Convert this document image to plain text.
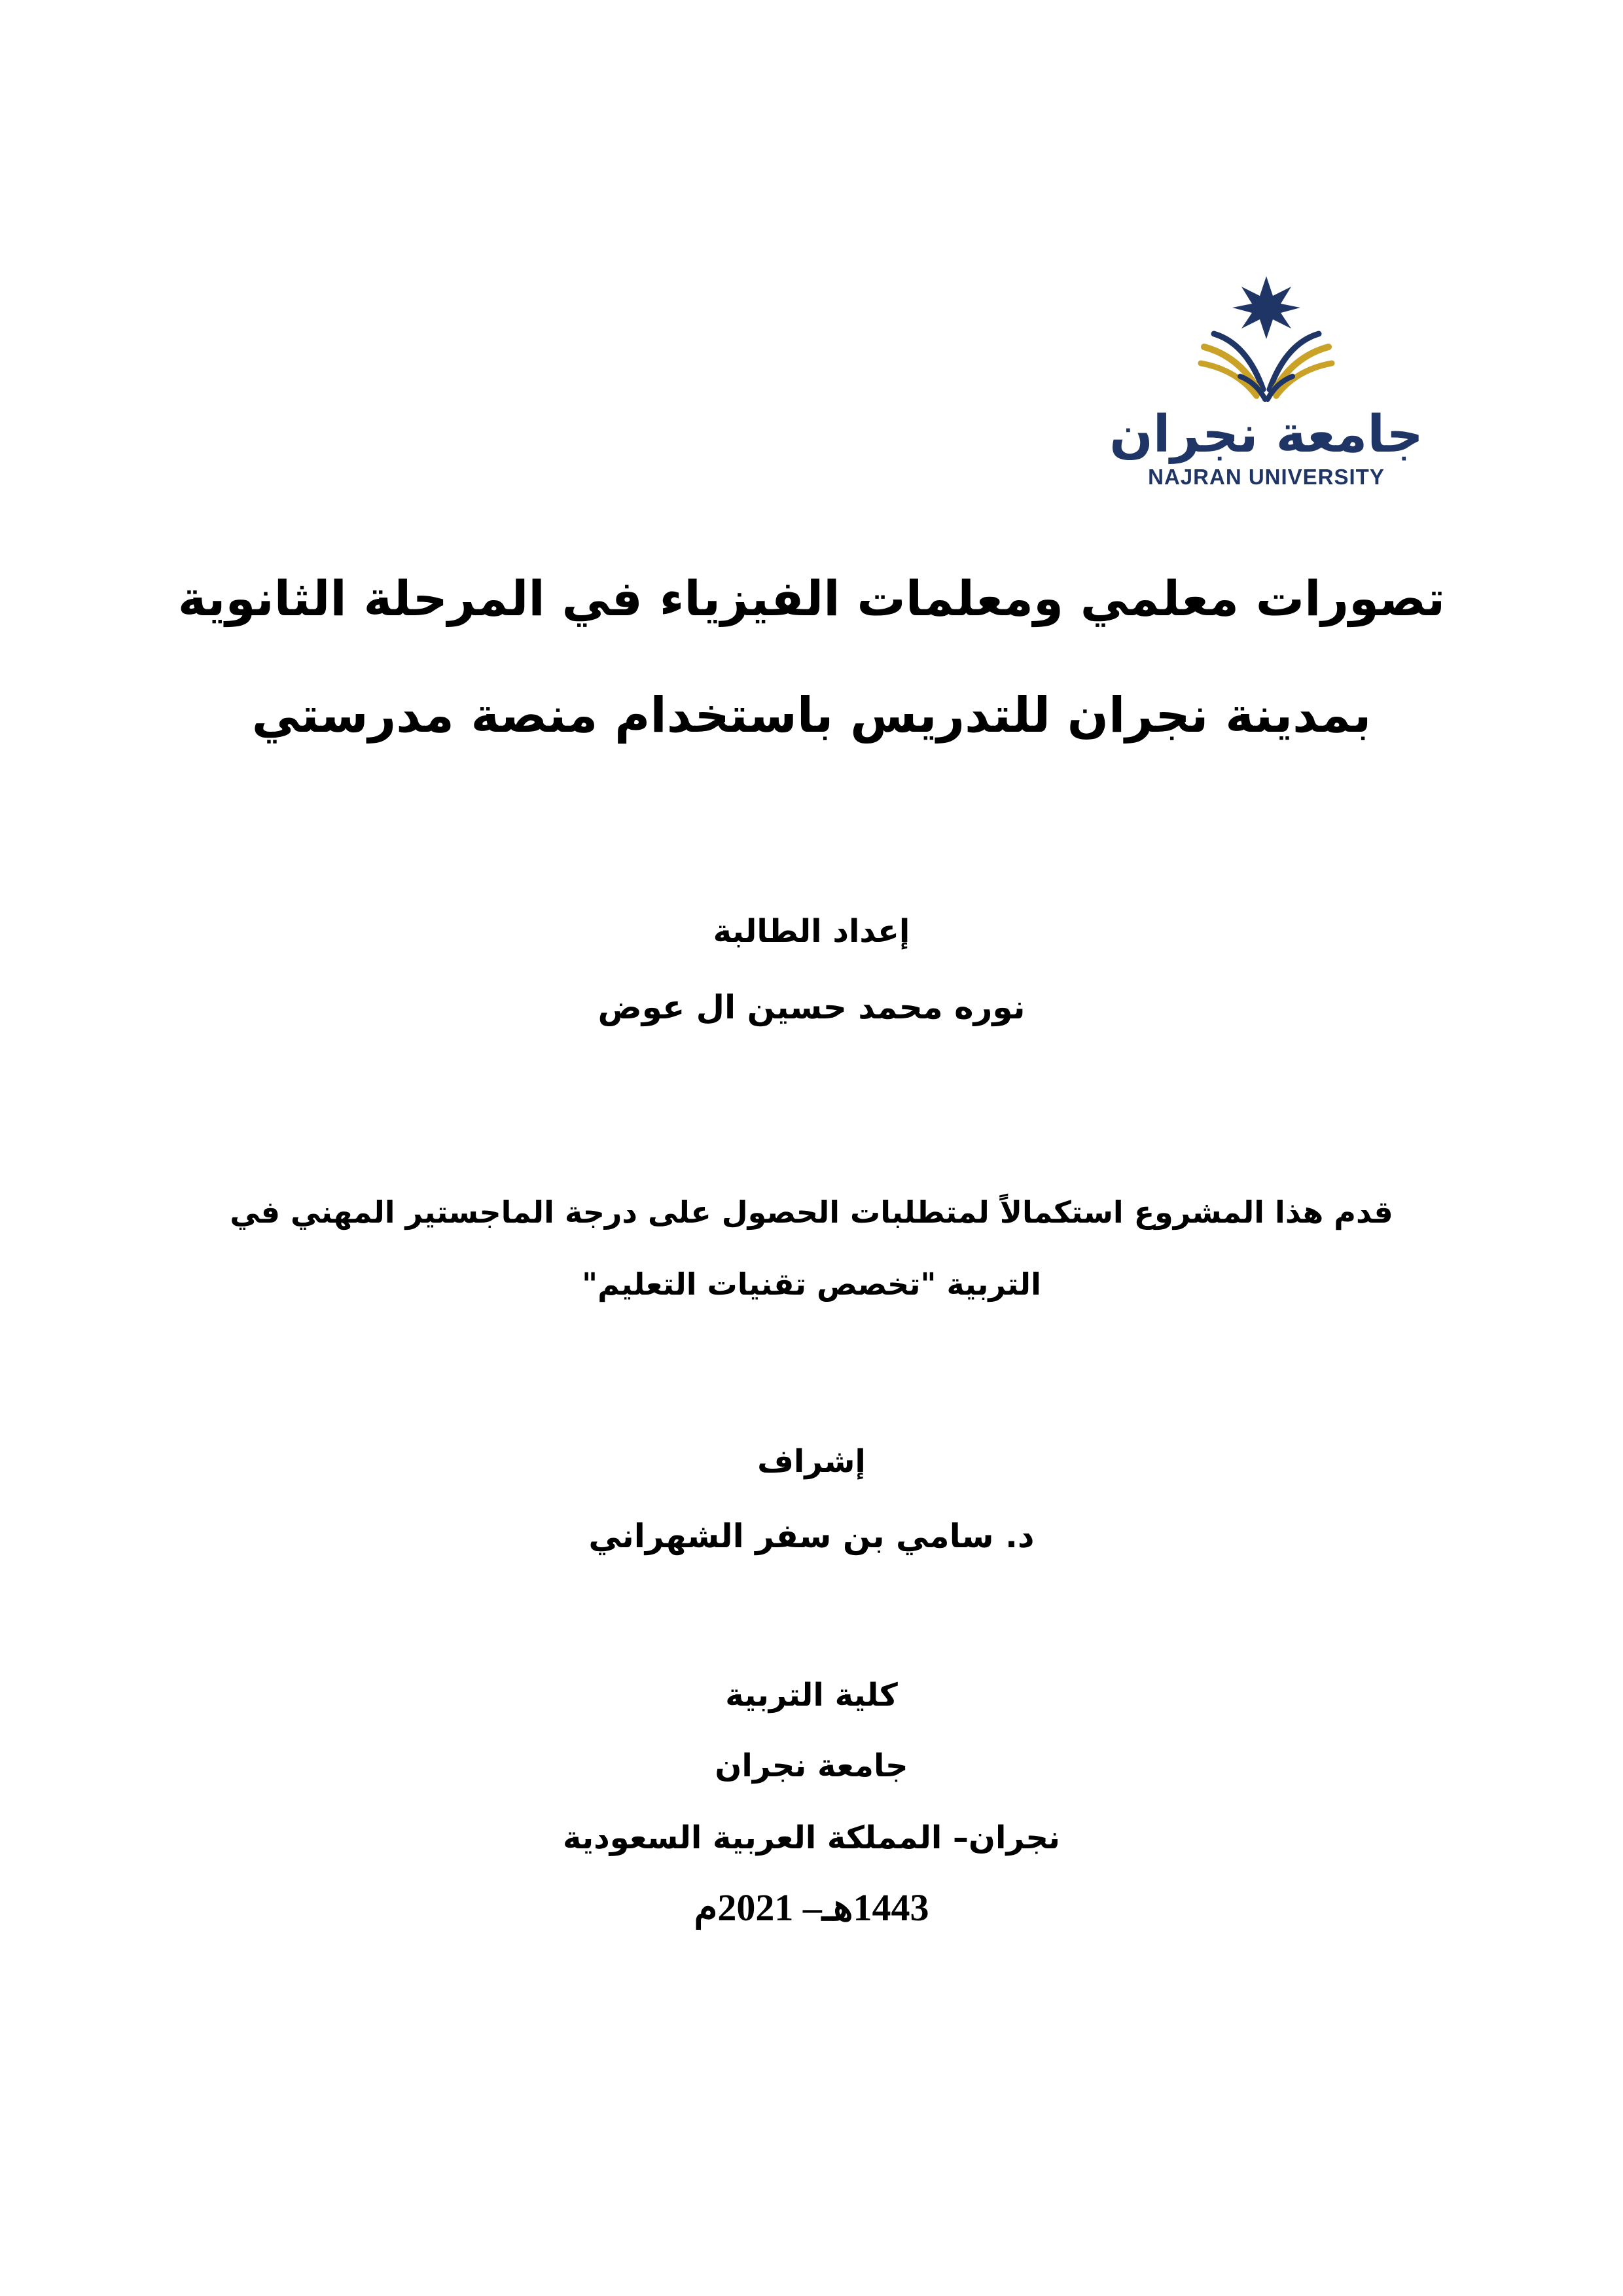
جامعة نجران
NAJRAN UNIVERSITY
تصورات معلمي ومعلمات الفيزياء في المرحلة الثانوية
بمدينة نجران للتدريس باستخدام منصة مدرستي
إعداد الطالبة
نوره محمد حسين ال عوض
قدم هذا المشروع استكمالاً لمتطلبات الحصول على درجة الماجستير المهني في
التربية "تخصص تقنيات التعليم"
إشراف
د. سامي بن سفر الشهراني
كلية التربية
جامعة نجران
نجران– المملكة العربية السعودية
1443هـ– 2021م
